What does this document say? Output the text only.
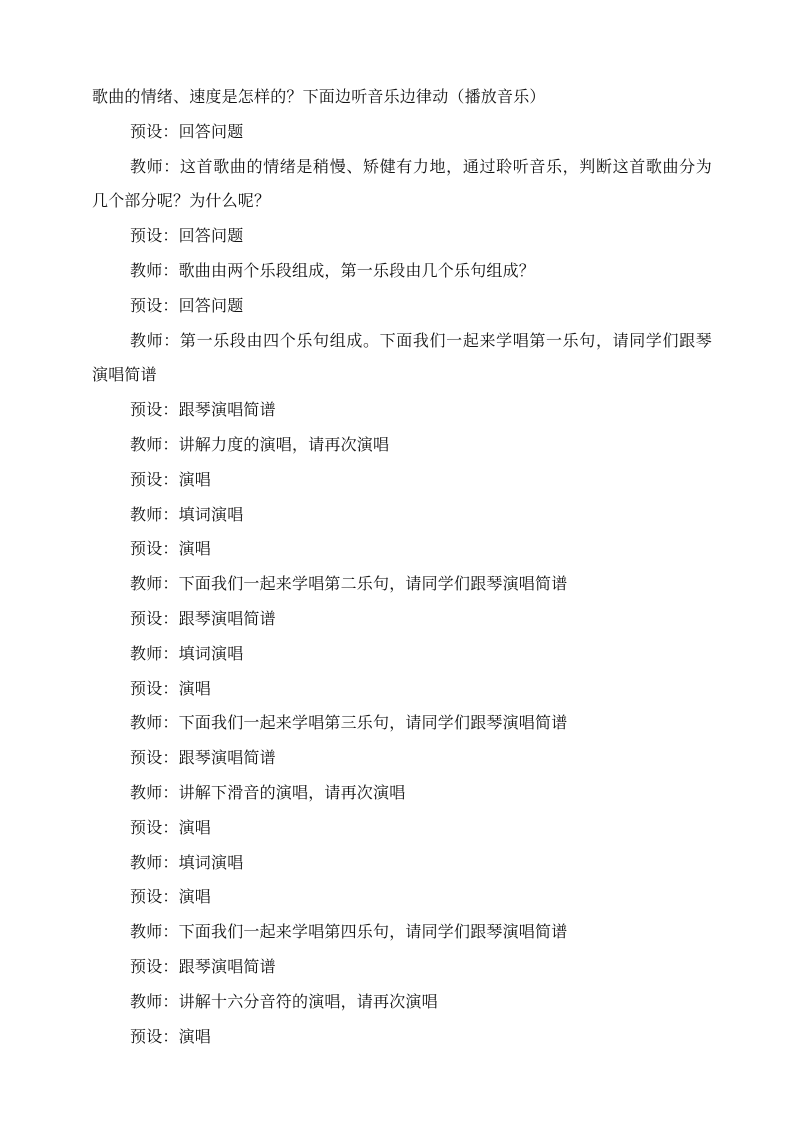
歌曲的情绪、速度是怎样的？下面边听音乐边律动（播放音乐）

预设：回答问题

教师：这首歌曲的情绪是稍慢、矫健有力地，通过聆听音乐，判断这首歌曲分为几个部分呢？为什么呢？

预设：回答问题

教师：歌曲由两个乐段组成，第一乐段由几个乐句组成？

预设：回答问题

教师：第一乐段由四个乐句组成。下面我们一起来学唱第一乐句，请同学们跟琴演唱简谱

预设：跟琴演唱简谱

教师：讲解力度的演唱，请再次演唱

预设：演唱

教师：填词演唱

预设：演唱

教师：下面我们一起来学唱第二乐句，请同学们跟琴演唱简谱

预设：跟琴演唱简谱

教师：填词演唱

预设：演唱

教师：下面我们一起来学唱第三乐句，请同学们跟琴演唱简谱

预设：跟琴演唱简谱

教师：讲解下滑音的演唱，请再次演唱

预设：演唱

教师：填词演唱

预设：演唱

教师：下面我们一起来学唱第四乐句，请同学们跟琴演唱简谱

预设：跟琴演唱简谱

教师：讲解十六分音符的演唱，请再次演唱

预设：演唱
